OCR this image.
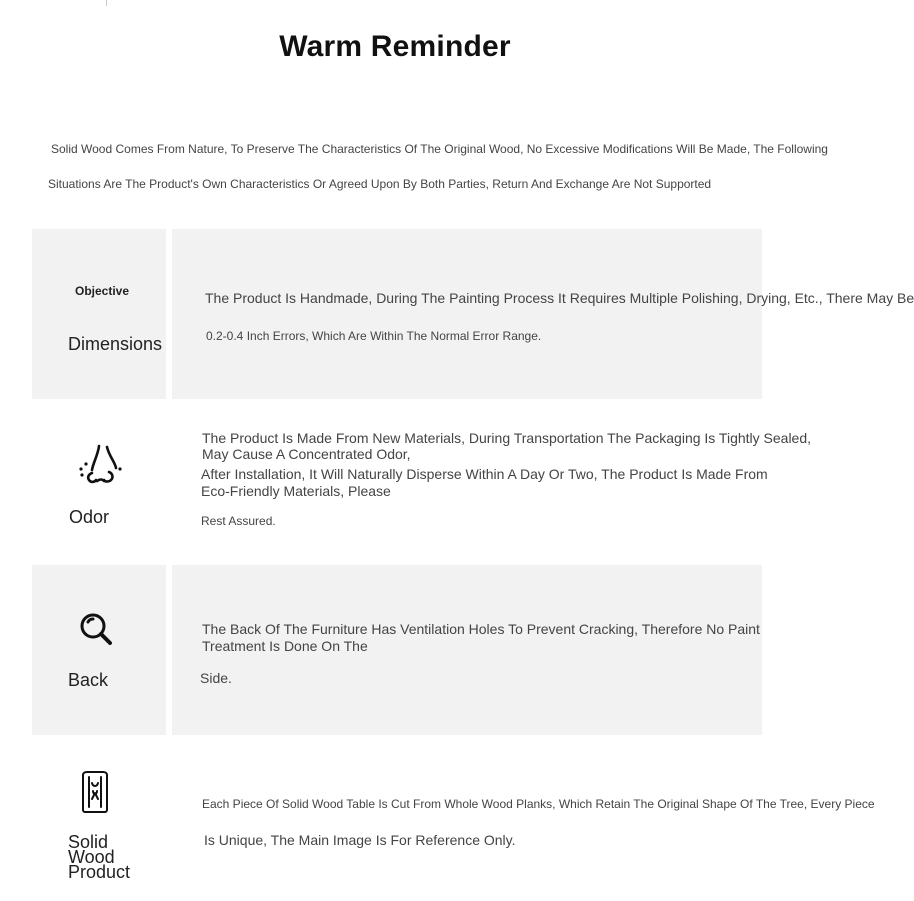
Warm Reminder
Solid Wood Comes From Nature, To Preserve The Characteristics Of The Original Wood, No Excessive Modifications Will Be Made, The Following
Situations Are The Product's Own Characteristics Or Agreed Upon By Both Parties, Return And Exchange Are Not Supported
Objective
Dimensions
The Product Is Handmade, During The Painting Process It Requires Multiple Polishing, Drying, Etc., There May Be
0.2-0.4 Inch Errors, Which Are Within The Normal Error Range.
Odor
The Product Is Made From New Materials, During Transportation The Packaging Is Tightly Sealed,
May Cause A Concentrated Odor,
After Installation, It Will Naturally Disperse Within A Day Or Two, The Product Is Made From
Eco-Friendly Materials, Please
Rest Assured.
Back
The Back Of The Furniture Has Ventilation Holes To Prevent Cracking, Therefore No Paint
Treatment Is Done On The
Side.
Solid
Wood
Product
Each Piece Of Solid Wood Table Is Cut From Whole Wood Planks, Which Retain The Original Shape Of The Tree, Every Piece
Is Unique, The Main Image Is For Reference Only.
